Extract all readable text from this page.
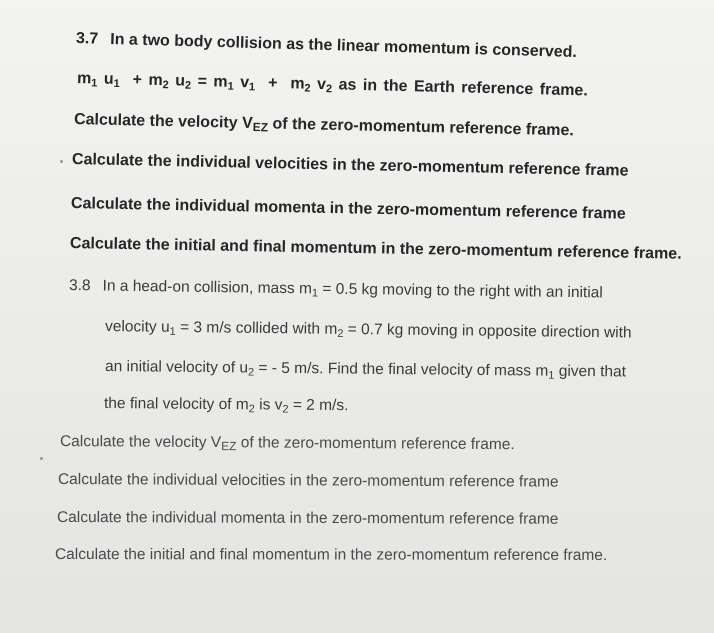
3.7 In a two body collision as the linear momentum is conserved.
$m_1$ $u_1 + m_2$ $u_2 = m_1$ $v_1 + m_2$ $v_2$ as in the Earth reference frame.
Calculate the velocity $V_{EZ}$ of the zero-momentum reference frame.
Calculate the individual velocities in the zero-momentum reference frame
Calculate the individual momenta in the zero-momentum reference frame
Calculate the initial and final momentum in the zero-momentum reference frame.
3.8 In a head-on collision, mass $m_1 = 0.5$ kg moving to the right with an initial
velocity $u_1 = 3$ m/s collided with $m_2 = 0.7$ kg moving in opposite direction with
an initial velocity of $u_2$ = - 5 m/s. Find the final velocity of mass $m_1$ given that
the final velocity of $m_2$ is $v_2 = 2$ m/s.
Calculate the velocity $V_{EZ}$ of the zero-momentum reference frame.
Calculate the individual velocities in the zero-momentum reference frame
Calculate the individual momenta in the zero-momentum reference frame
Calculate the initial and final momentum in the zero-momentum reference frame.
